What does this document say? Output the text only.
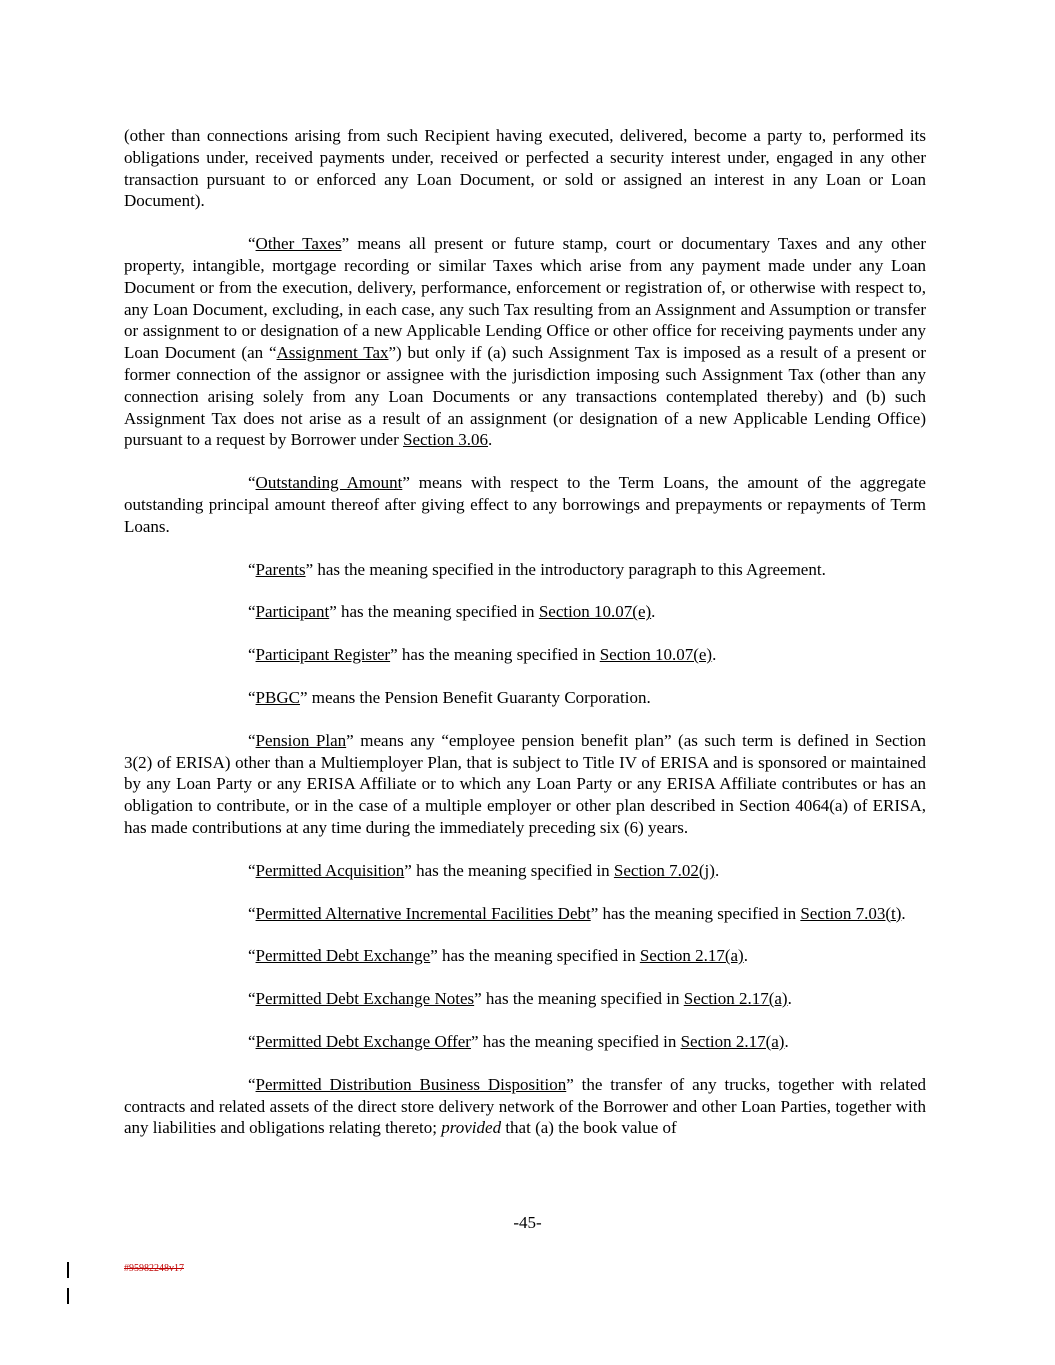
(other than connections arising from such Recipient having executed, delivered, become a party to, performed its obligations under, received payments under, received or perfected a security interest under, engaged in any other transaction pursuant to or enforced any Loan Document, or sold or assigned an interest in any Loan or Loan Document).

“Other Taxes” means all present or future stamp, court or documentary Taxes and any other property, intangible, mortgage recording or similar Taxes which arise from any payment made under any Loan Document or from the execution, delivery, performance, enforcement or registration of, or otherwise with respect to, any Loan Document, excluding, in each case, any such Tax resulting from an Assignment and Assumption or transfer or assignment to or designation of a new Applicable Lending Office or other office for receiving payments under any Loan Document (an “Assignment Tax”) but only if (a) such Assignment Tax is imposed as a result of a present or former connection of the assignor or assignee with the jurisdiction imposing such Assignment Tax (other than any connection arising solely from any Loan Documents or any transactions contemplated thereby) and (b) such Assignment Tax does not arise as a result of an assignment (or designation of a new Applicable Lending Office) pursuant to a request by Borrower under Section 3.06.

“Outstanding Amount” means with respect to the Term Loans, the amount of the aggregate outstanding principal amount thereof after giving effect to any borrowings and prepayments or repayments of Term Loans.

“Parents” has the meaning specified in the introductory paragraph to this Agreement.

“Participant” has the meaning specified in Section 10.07(e).

“Participant Register” has the meaning specified in Section 10.07(e).

“PBGC” means the Pension Benefit Guaranty Corporation.

“Pension Plan” means any “employee pension benefit plan” (as such term is defined in Section 3(2) of ERISA) other than a Multiemployer Plan, that is subject to Title IV of ERISA and is sponsored or maintained by any Loan Party or any ERISA Affiliate or to which any Loan Party or any ERISA Affiliate contributes or has an obligation to contribute, or in the case of a multiple employer or other plan described in Section 4064(a) of ERISA, has made contributions at any time during the immediately preceding six (6) years.

“Permitted Acquisition” has the meaning specified in Section 7.02(j).

“Permitted Alternative Incremental Facilities Debt” has the meaning specified in Section 7.03(t).

“Permitted Debt Exchange” has the meaning specified in Section 2.17(a).

“Permitted Debt Exchange Notes” has the meaning specified in Section 2.17(a).

“Permitted Debt Exchange Offer” has the meaning specified in Section 2.17(a).

“Permitted Distribution Business Disposition” the transfer of any trucks, together with related contracts and related assets of the direct store delivery network of the Borrower and other Loan Parties, together with any liabilities and obligations relating thereto; provided that (a) the book value of

-45-
#95982248v17
